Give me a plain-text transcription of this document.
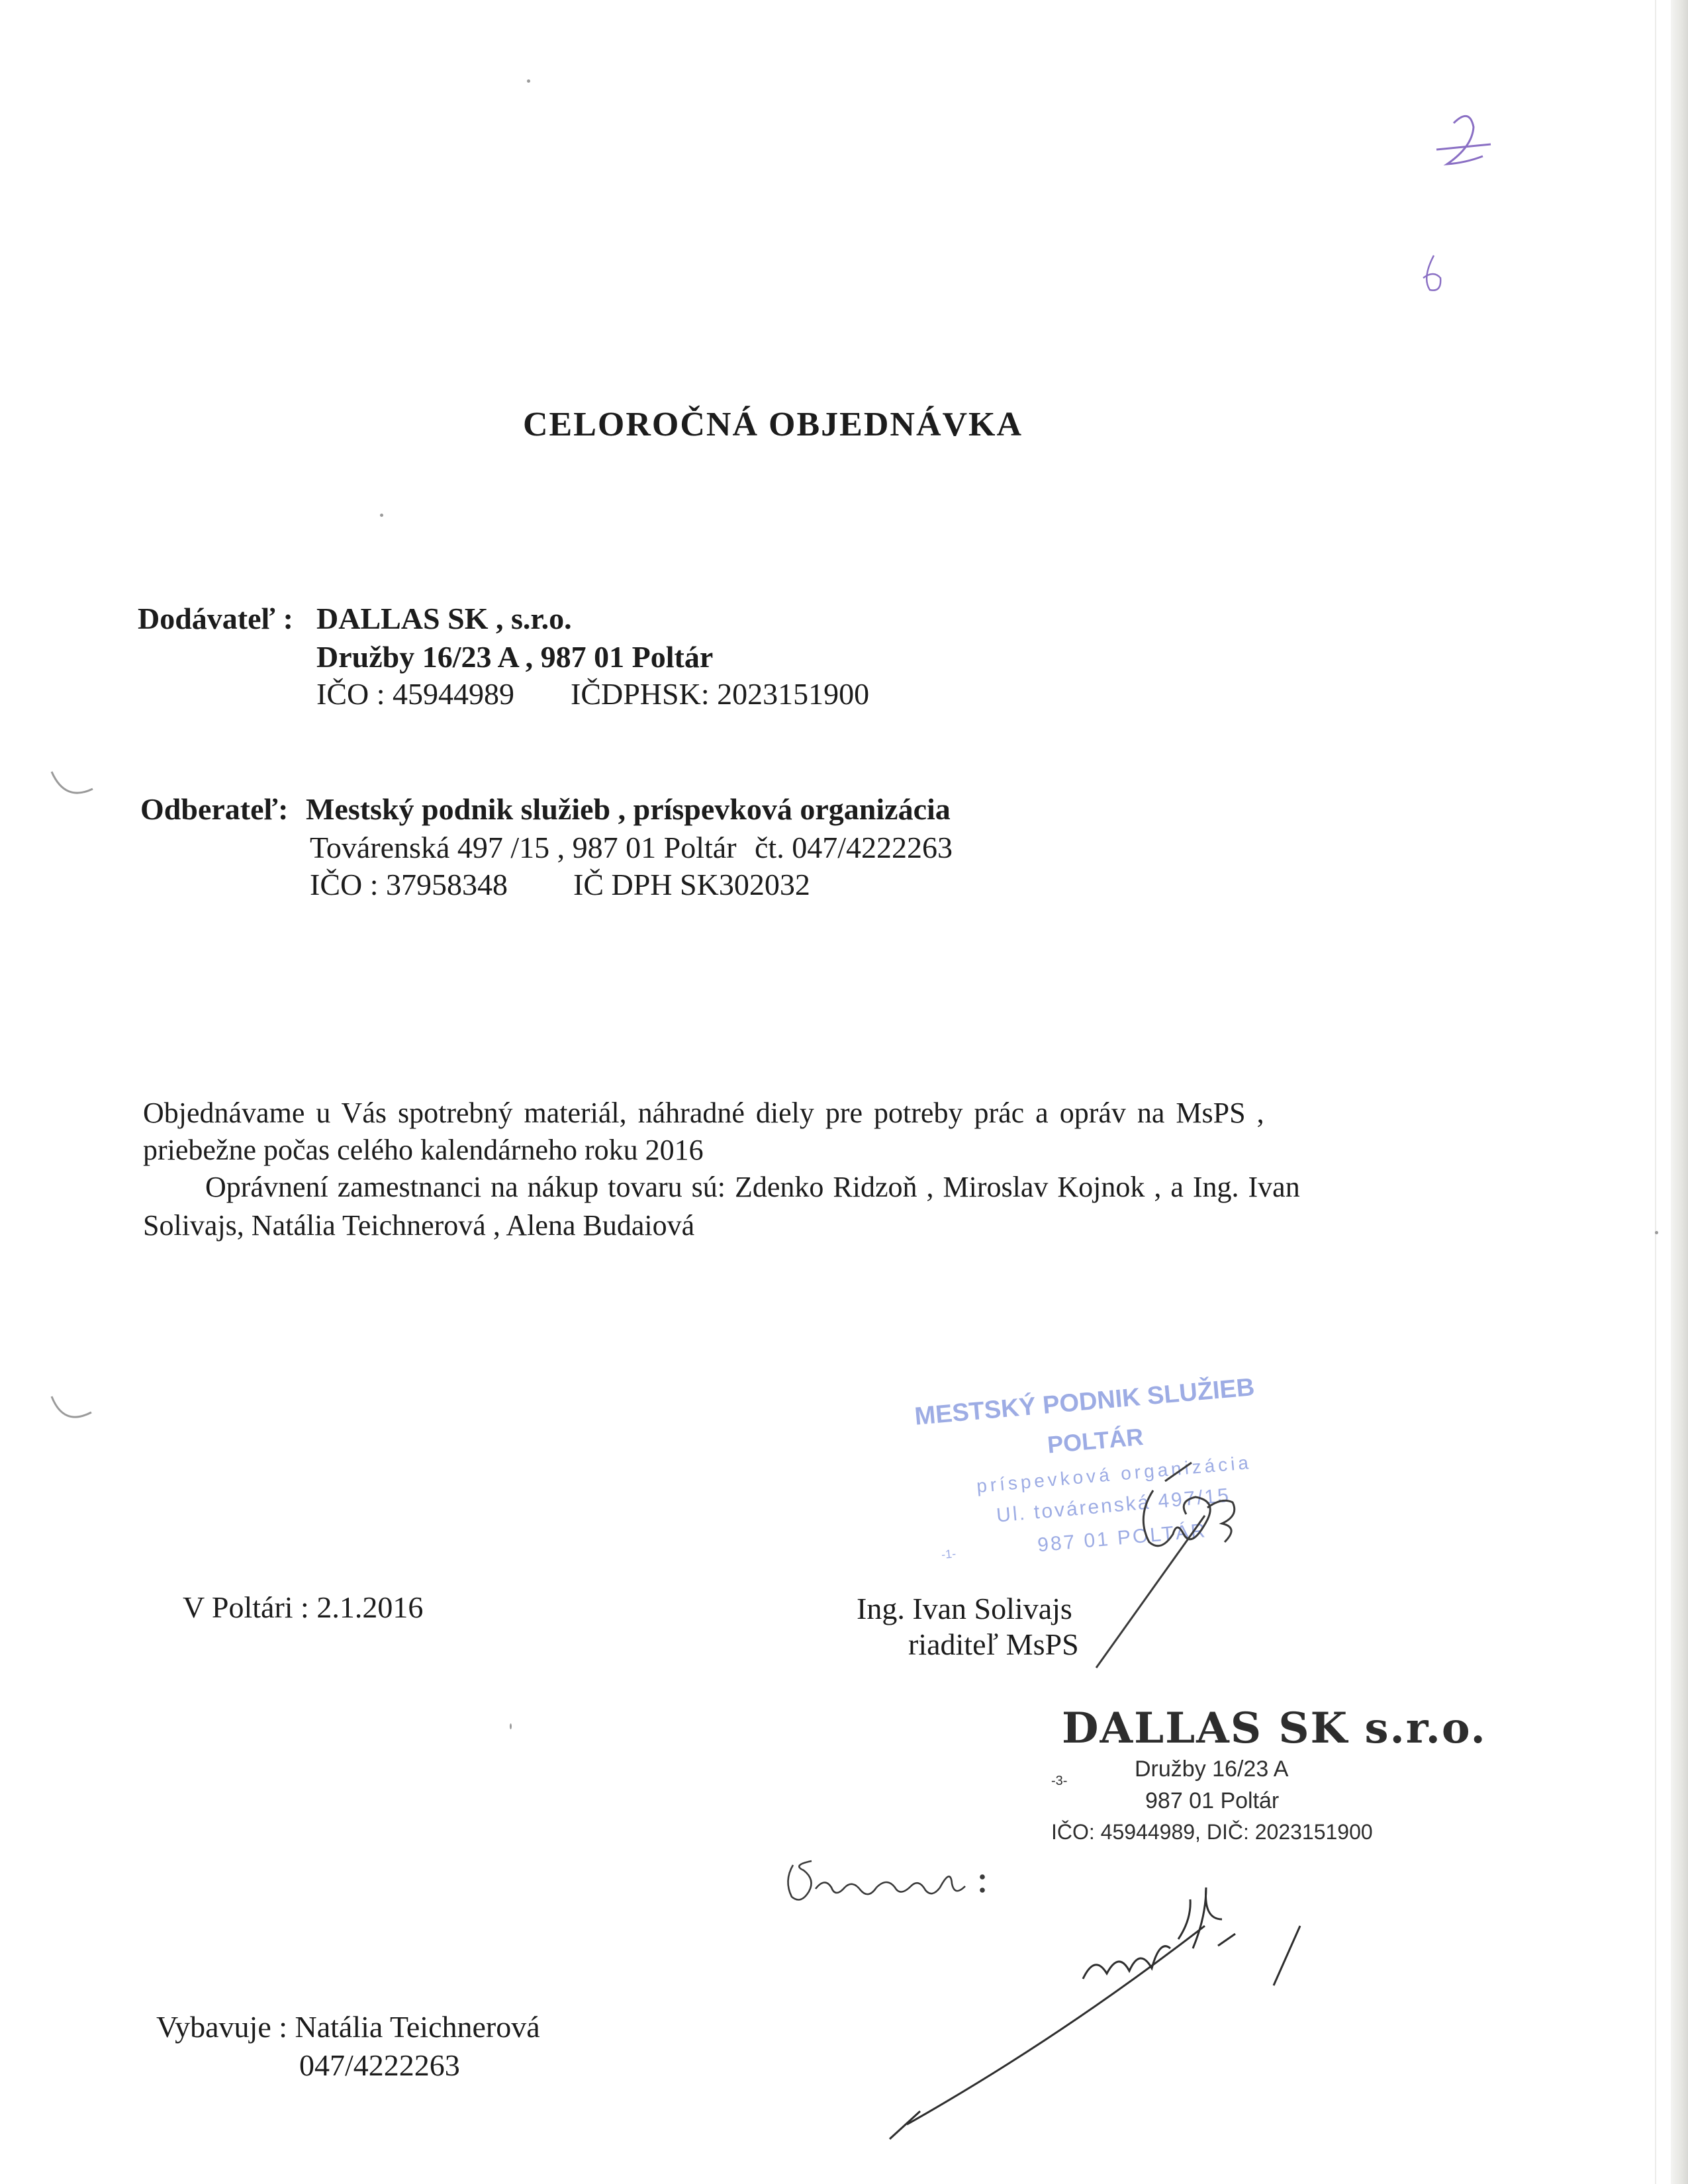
CELOROČNÁ OBJEDNÁVKA
Dodávateľ : DALLAS SK , s.r.o.
Družby 16/23 A , 987 01 Poltár
IČO : 45944989 IČDPHSK: 2023151900
Odberateľ: Mestský podnik služieb , príspevková organizácia
Továrenská 497 /15 , 987 01 Poltár čt. 047/4222263
IČO : 37958348 IČ DPH SK302032
Objednávame u Vás spotrebný materiál, náhradné diely pre potreby prác a opráv na MsPS ,
priebežne počas celého kalendárneho roku 2016
Oprávnení zamestnanci na nákup tovaru sú: Zdenko Ridzoň , Miroslav Kojnok , a Ing. Ivan
Solivajs, Natália Teichnerová , Alena Budaiová
V Poltári : 2.1.2016	Ing. Ivan Solivajs
riaditeľ MsPS
Vybavuje : Natália Teichnerová
047/4222263
MESTSKÝ PODNIK SLUŽIEB
POLTÁR
príspevková organizácia
Ul. továrenská 497/15
987 01 POLTÁR
-1-
DALLAS SK s.r.o.
Družby 16/23 A
-3-
987 01 Poltár
IČO: 45944989, DIČ: 2023151900
